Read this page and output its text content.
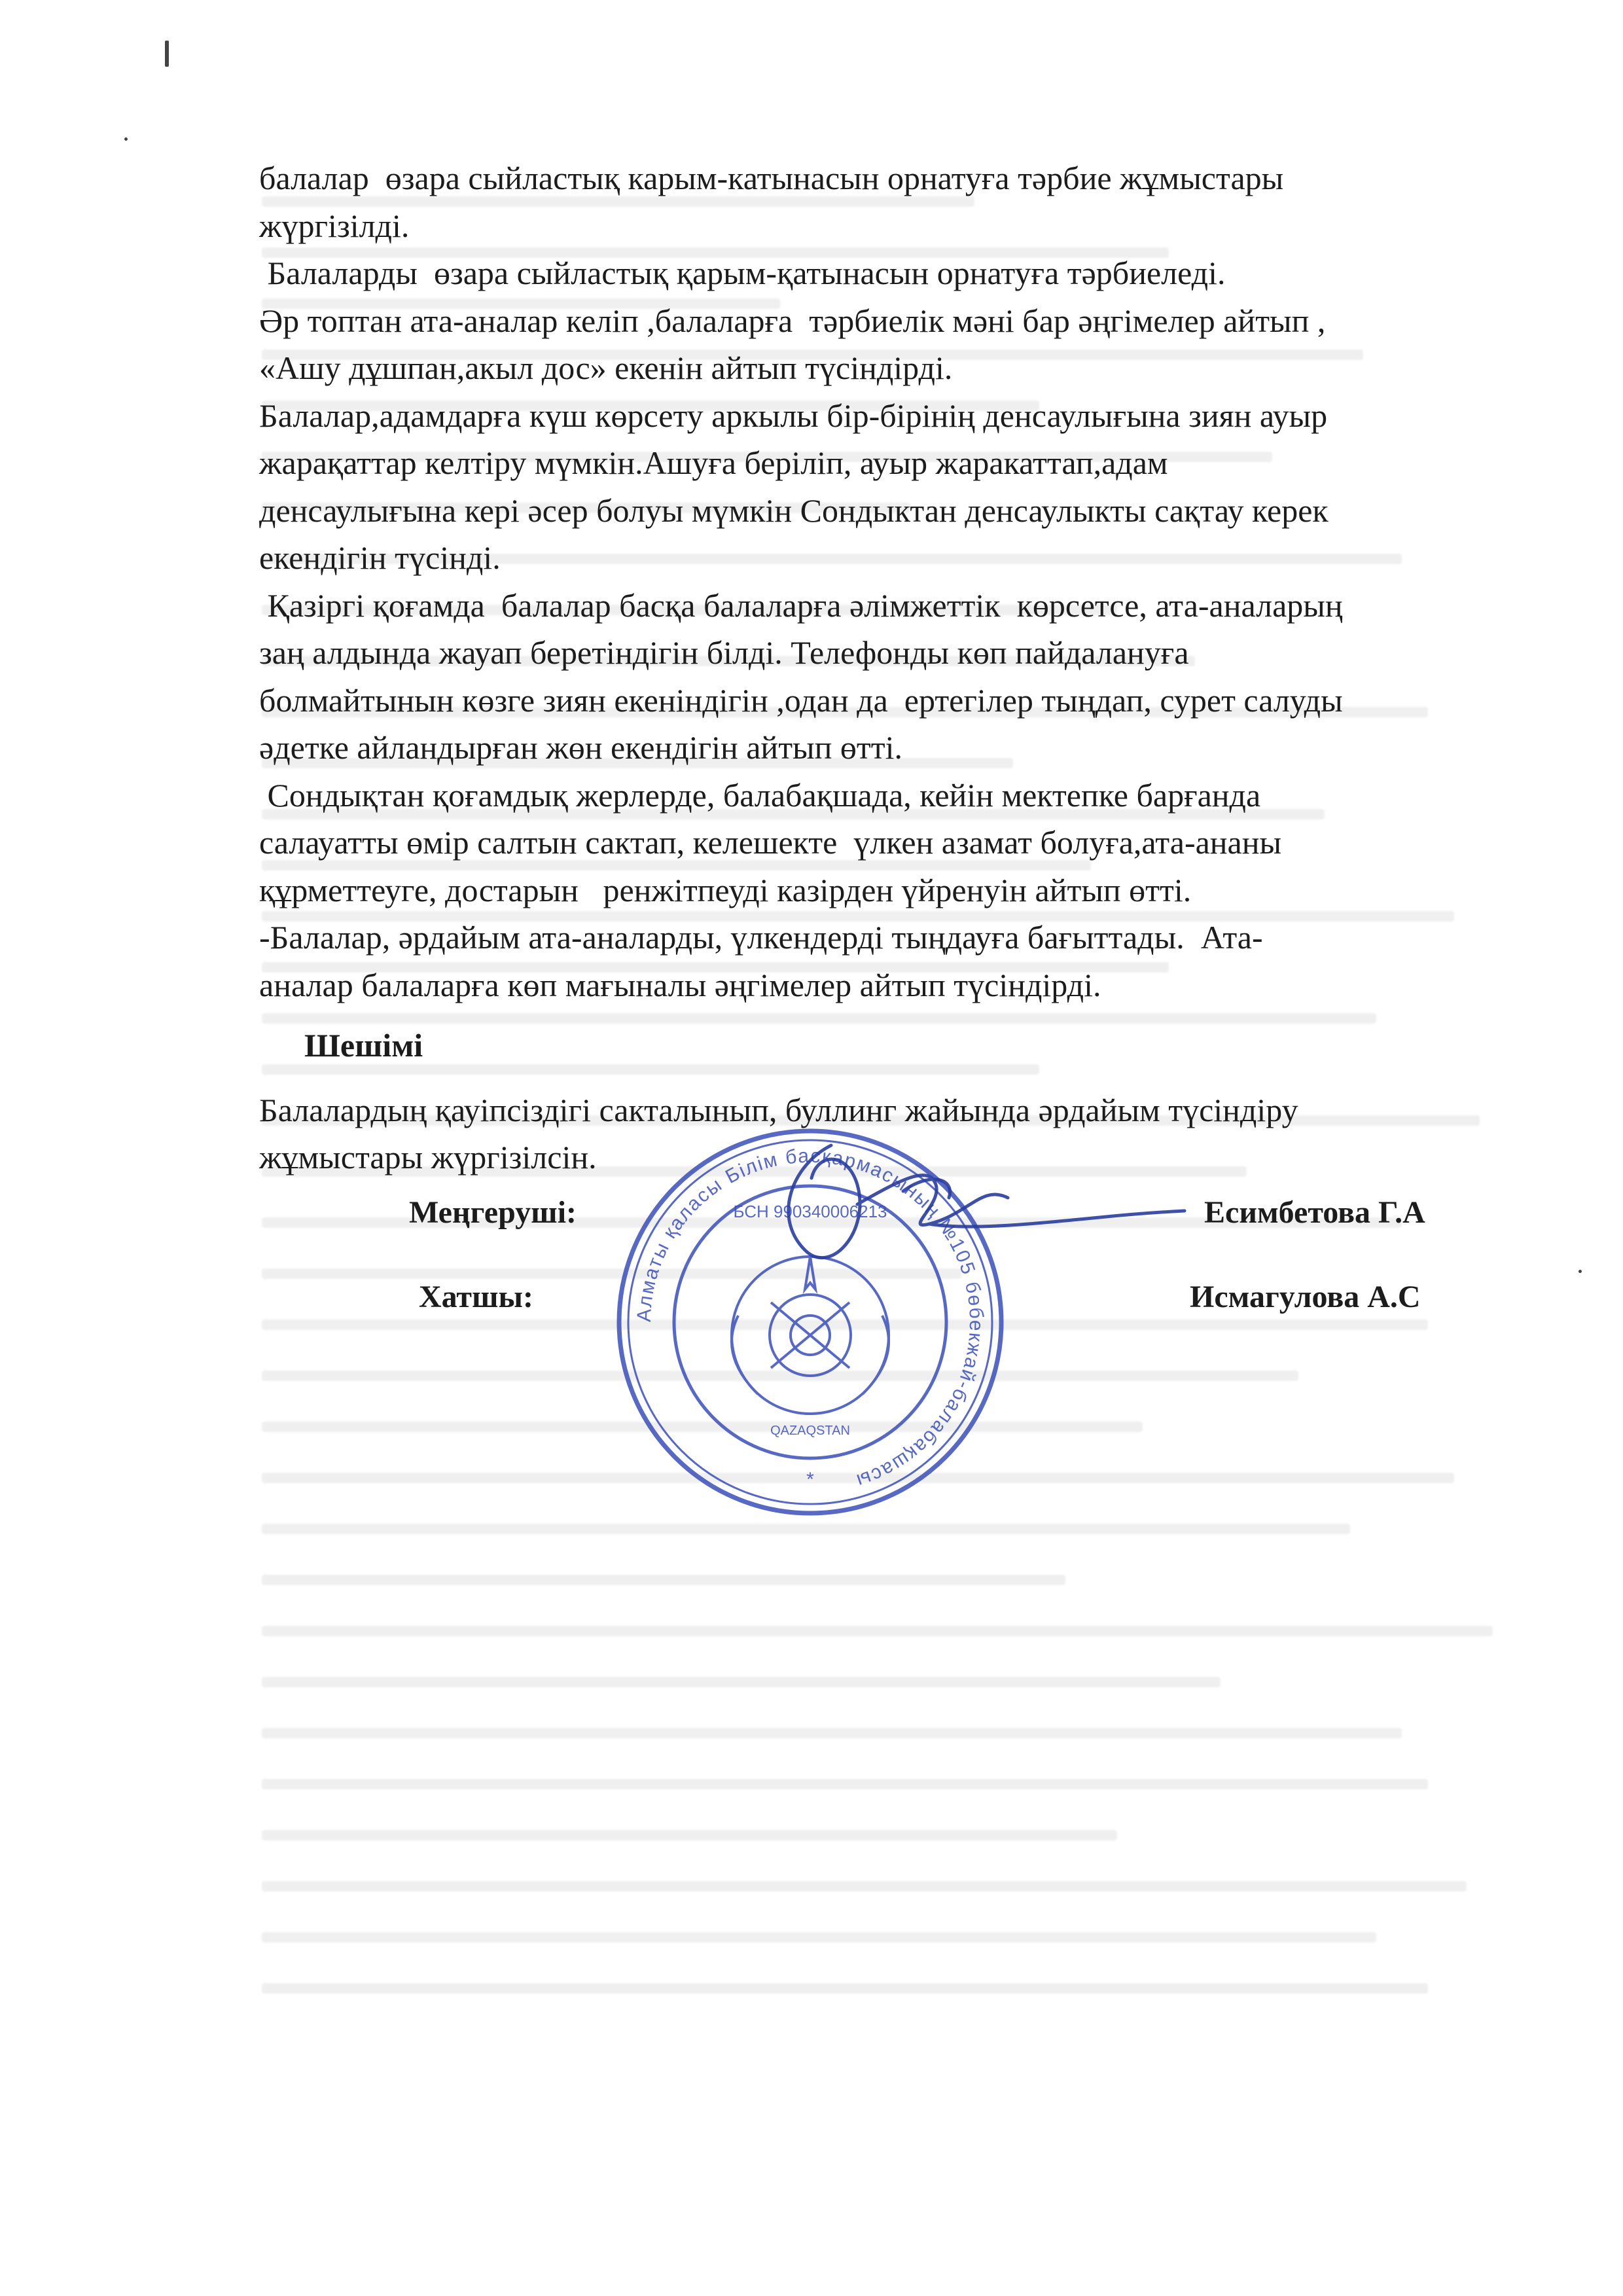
балалар  өзара сыйластық карым-катынасын орнатуға тәрбие жұмыстары

жүргізілді.

Балаларды  өзара сыйластық қарым-қатынасын орнатуға тәрбиеледі.

Әр топтан ата-аналар келіп ,балаларға  тәрбиелік мәні бар әңгімелер айтып ,

«Ашу дұшпан,акыл дос» екенін айтып түсіндірді.

Балалар,адамдарға күш көрсету аркылы бір-бірінің денсаулығына зиян ауыр

жарақаттар келтіру мүмкін.Ашуға беріліп, ауыр жаракаттап,адам

денсаулығына кері әсер болуы мүмкін Сондыктан денсаулыкты сақтау керек

екендігін түсінді.

Қазіргі қоғамда  балалар басқа балаларға әлімжеттік  көрсетсе, ата-аналарың

заң алдында жауап беретіндігін білді. Телефонды көп пайдалануға

болмайтынын көзге зиян екеніндігін ,одан да  ертегілер тыңдап, сурет салуды

әдетке айландырған жөн екендігін айтып өтті.

Сондықтан қоғамдық жерлерде, балабақшада, кейін мектепке барғанда

салауатты өмір салтын сактап, келешекте  үлкен азамат болуға,ата-ананы

құрметтеуге, достарын   ренжітпеуді казірден үйренуін айтып өтті.

-Балалар, әрдайым ата-аналарды, үлкендерді тыңдауға бағыттады.  Ата-

аналар балаларға көп мағыналы әңгімелер айтып түсіндірді.

Шешімі

Балалардың қауіпсіздігі сакталынып, буллинг жайында әрдайым түсіндіру

жұмыстары жүргізілсін.

Алматы қаласы Білім басқармасының №105 бөбекжай-балабақшасы
БСН 990340006213
QAZAQSTAN
*

Меңгеруші:	Есимбетова Г.А

Хатшы:	Исмагулова А.С
